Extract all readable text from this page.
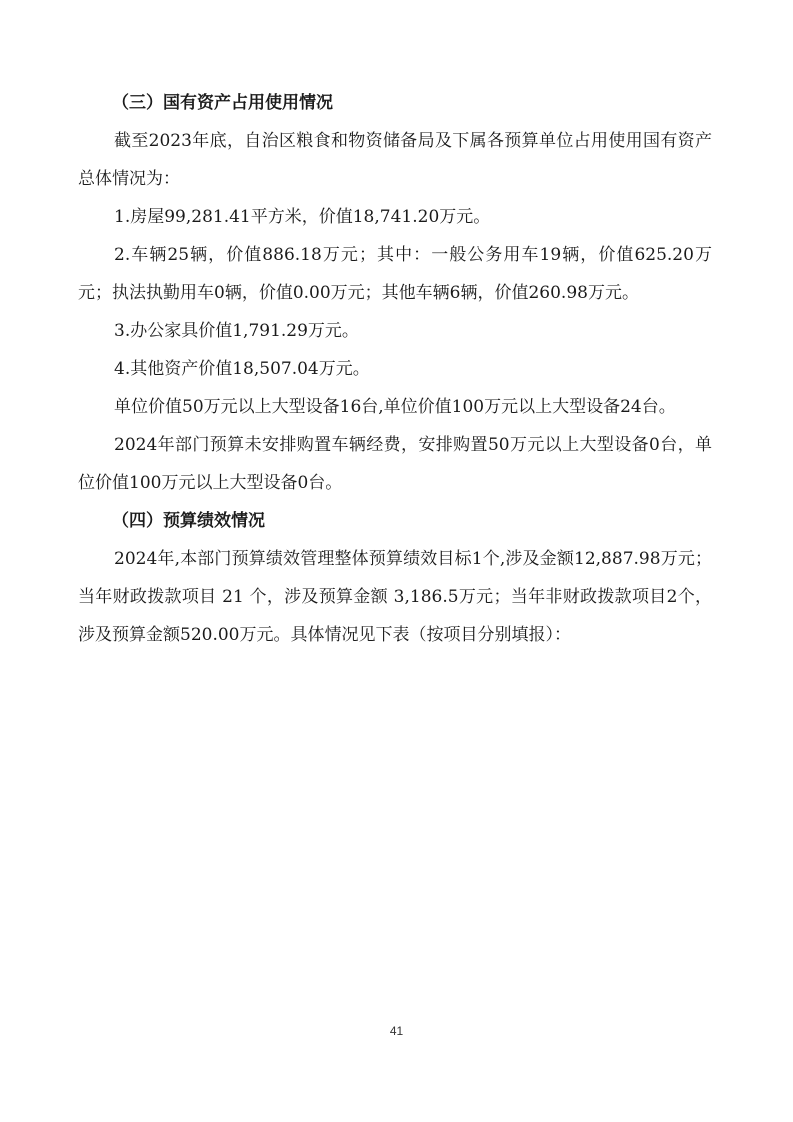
（三）国有资产占用使用情况

截至2023年底，自治区粮食和物资储备局及下属各预算单位占用使用国有资产总体情况为：

1.房屋99,281.41平方米，价值18,741.20万元。

2.车辆25辆，价值886.18万元；其中：一般公务用车19辆，价值625.20万元；执法执勤用车0辆，价值0.00万元；其他车辆6辆，价值260.98万元。

3.办公家具价值1,791.29万元。

4.其他资产价值18,507.04万元。

单位价值50万元以上大型设备16台,单位价值100万元以上大型设备24台。

2024年部门预算未安排购置车辆经费，安排购置50万元以上大型设备0台，单位价值100万元以上大型设备0台。

（四）预算绩效情况

2024年,本部门预算绩效管理整体预算绩效目标1个,涉及金额12,887.98万元；当年财政拨款项目 21 个，涉及预算金额 3,186.5万元；当年非财政拨款项目2个，涉及预算金额520.00万元。具体情况见下表（按项目分别填报）：

41
